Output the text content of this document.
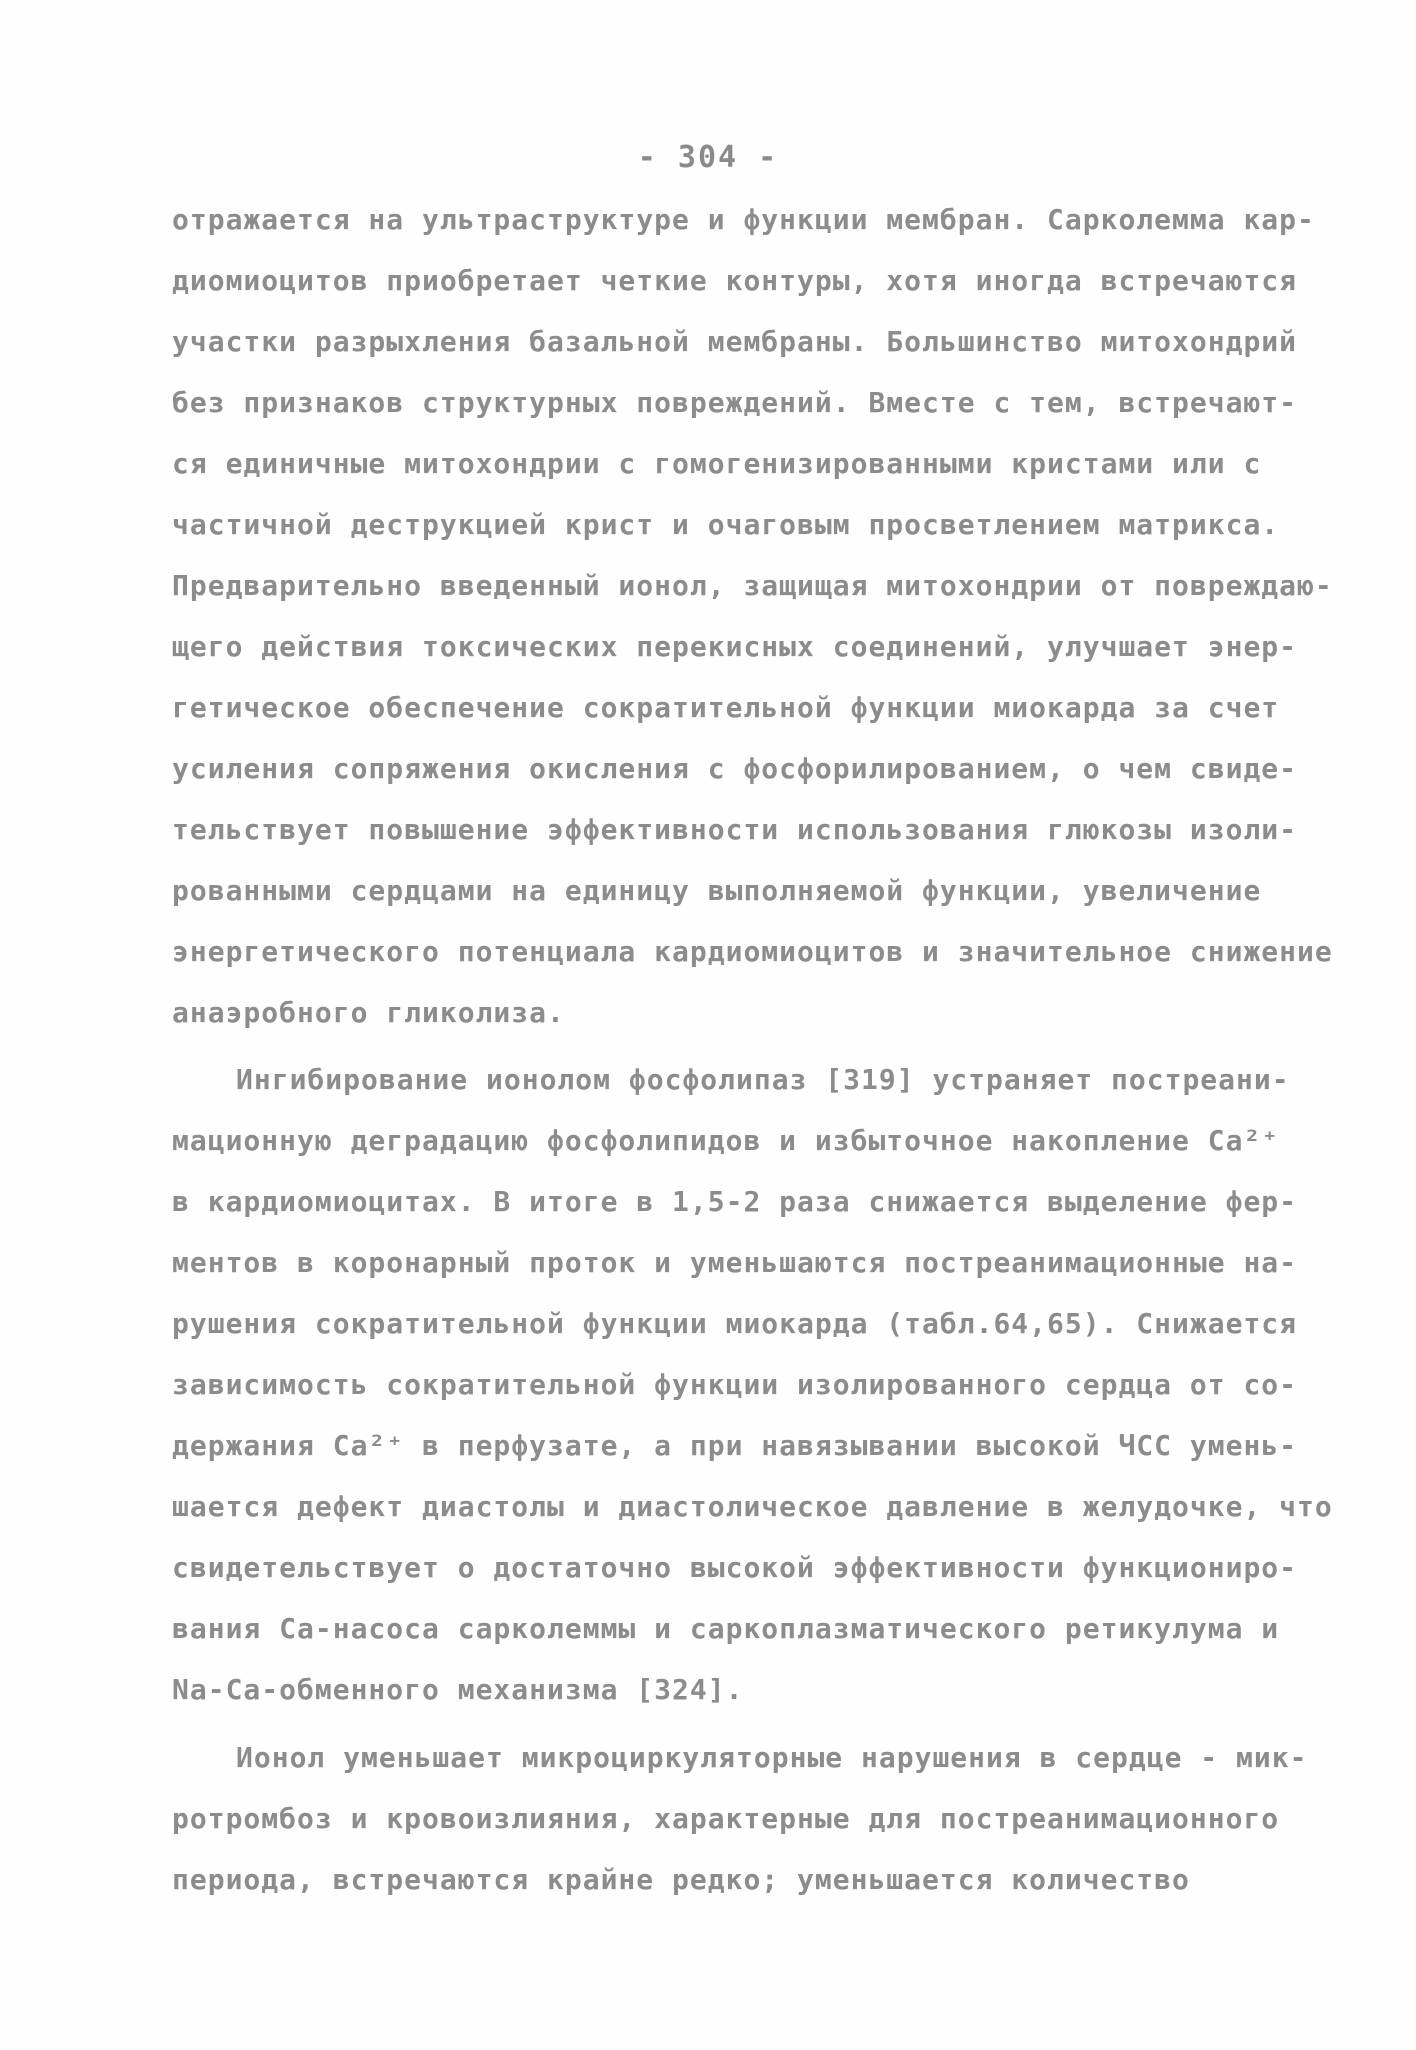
- 304 -
отражается на ультраструктуре и функции мембран. Сарколемма кар-
диомиоцитов приобретает четкие контуры, хотя иногда встречаются
участки разрыхления базальной мембраны. Большинство митохондрий
без признаков структурных повреждений. Вместе с тем, встречают-
ся единичные митохондрии с гомогенизированными кристами или с
частичной деструкцией крист и очаговым просветлением матрикса.
Предварительно введенный ионол, защищая митохондрии от повреждаю-
щего действия токсических перекисных соединений, улучшает энер-
гетическое обеспечение сократительной функции миокарда за счет
усиления сопряжения окисления с фосфорилированием, о чем свиде-
тельствует повышение эффективности использования глюкозы изоли-
рованными сердцами на единицу выполняемой функции, увеличение
энергетического потенциала кардиомиоцитов и значительное снижение
анаэробного гликолиза.
Ингибирование ионолом фосфолипаз [319] устраняет постреани-
мационную деградацию фосфолипидов и избыточное накопление Ca²⁺
в кардиомиоцитах. В итоге в 1,5-2 раза снижается выделение фер-
ментов в коронарный проток и уменьшаются постреанимационные на-
рушения сократительной функции миокарда (табл.64,65). Снижается
зависимость сократительной функции изолированного сердца от со-
держания Ca²⁺ в перфузате, а при навязывании высокой ЧСС умень-
шается дефект диастолы и диастолическое давление в желудочке, что
свидетельствует о достаточно высокой эффективности функциониро-
вания Ca-насоса сарколеммы и саркоплазматического ретикулума и
Na-Ca-обменного механизма [324].
Ионол уменьшает микроциркуляторные нарушения в сердце - мик-
ротромбоз и кровоизлияния, характерные для постреанимационного
периода, встречаются крайне редко; уменьшается количество
